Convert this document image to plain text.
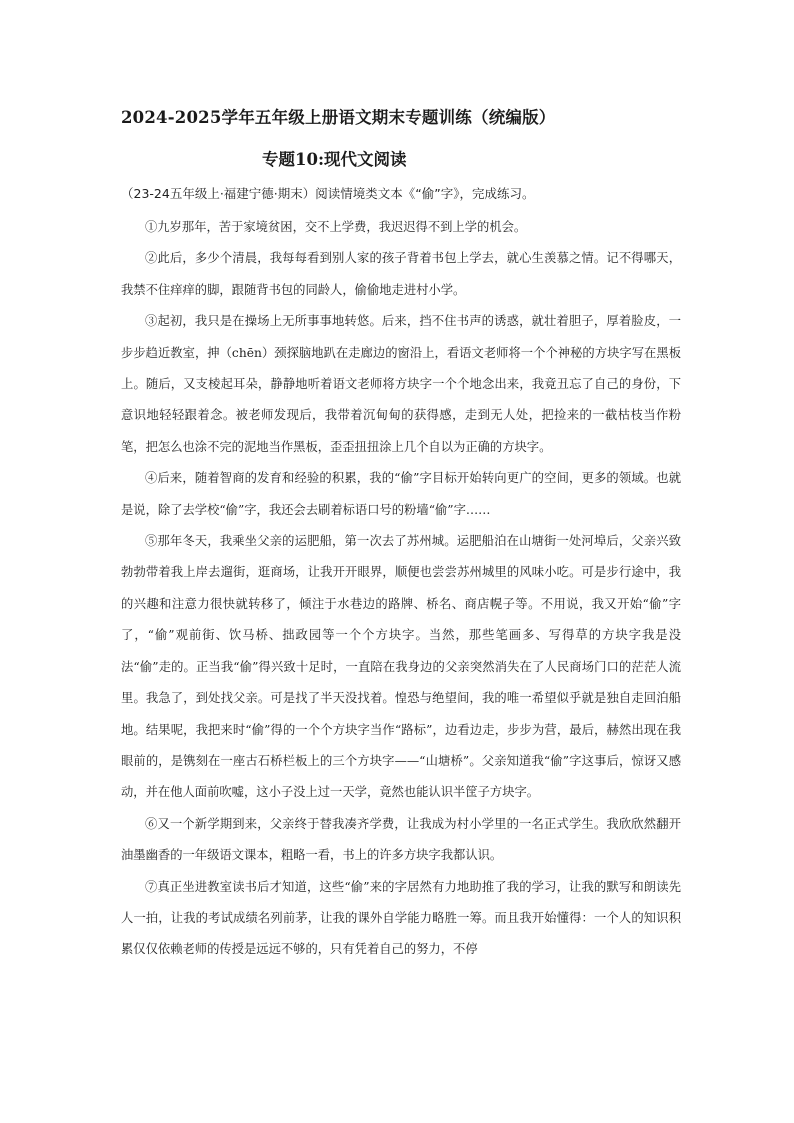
2024-2025学年五年级上册语文期末专题训练（统编版）
专题10:现代文阅读
（23-24五年级上·福建宁德·期末）阅读情境类文本《“偷”字》，完成练习。

①九岁那年，苦于家境贫困，交不上学费，我迟迟得不到上学的机会。

②此后，多少个清晨，我每每看到别人家的孩子背着书包上学去，就心生羡慕之情。记不得哪天，我禁不住痒痒的脚，跟随背书包的同龄人，偷偷地走进村小学。

③起初，我只是在操场上无所事事地转悠。后来，挡不住书声的诱惑，就壮着胆子，厚着脸皮，一步步趋近教室，抻（chēn）颈探脑地趴在走廊边的窗沿上，看语文老师将一个个神秘的方块字写在黑板上。随后，又支棱起耳朵，静静地听着语文老师将方块字一个个地念出来，我竟丑忘了自己的身份，下意识地轻轻跟着念。被老师发现后，我带着沉甸甸的获得感，走到无人处，把捡来的一截枯枝当作粉笔，把怎么也涂不完的泥地当作黑板，歪歪扭扭涂上几个自以为正确的方块字。

④后来，随着智商的发育和经验的积累，我的“偷”字目标开始转向更广的空间，更多的领域。也就是说，除了去学校“偷”字，我还会去刷着标语口号的粉墙“偷”字……

⑤那年冬天，我乘坐父亲的运肥船，第一次去了苏州城。运肥船泊在山塘街一处河埠后，父亲兴致勃勃带着我上岸去遛街，逛商场，让我开开眼界，顺便也尝尝苏州城里的风味小吃。可是步行途中，我的兴趣和注意力很快就转移了，倾注于水巷边的路牌、桥名、商店幌子等。不用说，我又开始“偷”字了，“偷”观前街、饮马桥、拙政园等一个个方块字。当然，那些笔画多、写得草的方块字我是没法“偷”走的。正当我“偷”得兴致十足时，一直陪在我身边的父亲突然消失在了人民商场门口的茫茫人流里。我急了，到处找父亲。可是找了半天没找着。惶恐与绝望间，我的唯一希望似乎就是独自走回泊船地。结果呢，我把来时“偷”得的一个个方块字当作“路标”，边看边走，步步为营，最后，赫然出现在我眼前的，是镌刻在一座古石桥栏板上的三个方块字——“山塘桥”。父亲知道我“偷”字这事后，惊讶又感动，并在他人面前吹嘘，这小子没上过一天学，竟然也能认识半筐子方块字。

⑥又一个新学期到来，父亲终于替我凑齐学费，让我成为村小学里的一名正式学生。我欣欣然翻开油墨幽香的一年级语文课本，粗略一看，书上的许多方块字我都认识。

⑦真正坐进教室读书后才知道，这些“偷”来的字居然有力地助推了我的学习，让我的默写和朗读先人一拍，让我的考试成绩名列前茅，让我的课外自学能力略胜一筹。而且我开始懂得：一个人的知识积累仅仅依赖老师的传授是远远不够的，只有凭着自己的努力，不停
